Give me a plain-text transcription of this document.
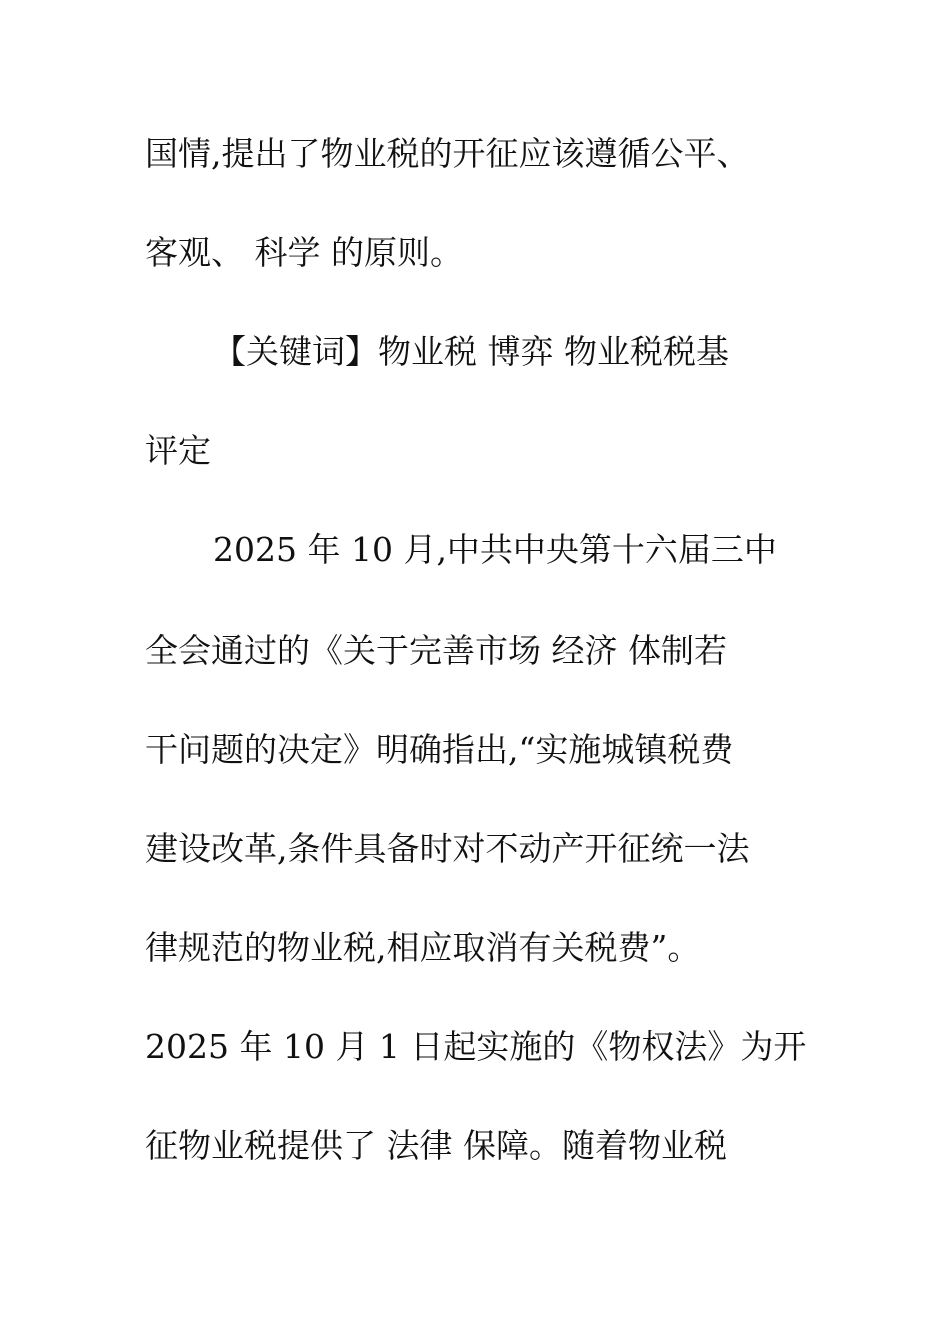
国情,提出了物业税的开征应该遵循公平、

客观、 科学 的原则。

【关键词】物业税 博弈 物业税税基

评定

2025 年 10 月,中共中央第十六届三中

全会通过的《关于完善市场 经济 体制若

干问题的决定》明确指出,“实施城镇税费

建设改革,条件具备时对不动产开征统一法

律规范的物业税,相应取消有关税费”。

2025 年 10 月 1 日起实施的《物权法》为开

征物业税提供了 法律 保障。随着物业税
